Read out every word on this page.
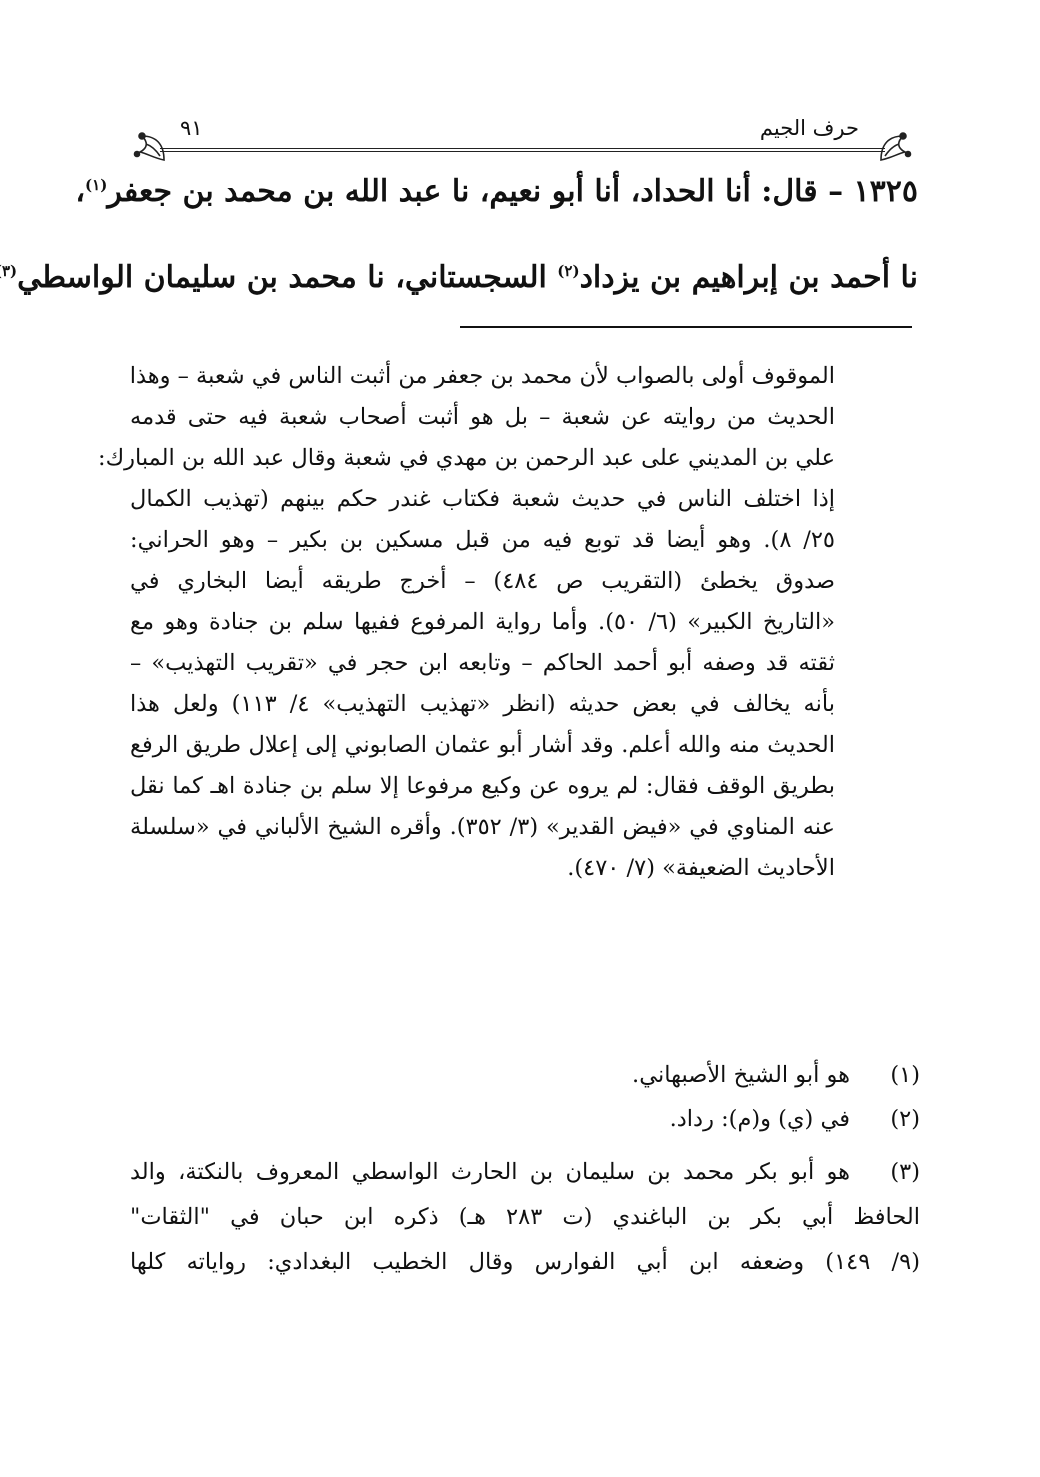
حرف الجيم
٩١
١٣٢٥ – قال: أنا الحداد، أنا أبو نعيم، نا عبد الله بن محمد بن جعفر$^{(١)}$،
نا أحمد بن إبراهيم بن يزداد$^{(٢)}$ السجستاني، نا محمد بن سليمان الواسطي$^{(٣}$
الموقوف أولى بالصواب لأن محمد بن جعفر من أثبت الناس في شعبة – وهذا
الحديث من روايته عن شعبة – بل هو أثبت أصحاب شعبة فيه حتى قدمه
علي بن المديني على عبد الرحمن بن مهدي في شعبة وقال عبد الله بن المبارك:
إذا اختلف الناس في حديث شعبة فكتاب غندر حكم بينهم (تهذيب الكمال
٢٥/ ٨). وهو أيضا قد توبع فيه من قبل مسكين بن بكير – وهو الحراني:
صدوق يخطئ (التقريب ص ٤٨٤) – أخرج طريقه أيضا البخاري في
«التاريخ الكبير» (٦/ ٥٠). وأما رواية المرفوع ففيها سلم بن جنادة وهو مع
ثقته قد وصفه أبو أحمد الحاكم – وتابعه ابن حجر في «تقريب التهذيب» –
بأنه يخالف في بعض حديثه (انظر «تهذيب التهذيب» ٤/ ١١٣) ولعل هذا
الحديث منه والله أعلم. وقد أشار أبو عثمان الصابوني إلى إعلال طريق الرفع
بطريق الوقف فقال: لم يروه عن وكيع مرفوعا إلا سلم بن جنادة اهـ كما نقل
عنه المناوي في «فيض القدير» (٣/ ٣٥٢). وأقره الشيخ الألباني في «سلسلة
الأحاديث الضعيفة» (٧/ ٤٧٠).
(١)
هو أبو الشيخ الأصبهاني.
(٢)
في (ي) و(م): رداد.
(٣)
هو أبو بكر محمد بن سليمان بن الحارث الواسطي المعروف بالنكتة، والد
الحافظ أبي بكر بن الباغندي (ت ٢٨٣ هـ) ذكره ابن حبان في "الثقات"
(٩/ ١٤٩) وضعفه ابن أبي الفوارس وقال الخطيب البغدادي: رواياته كلها
